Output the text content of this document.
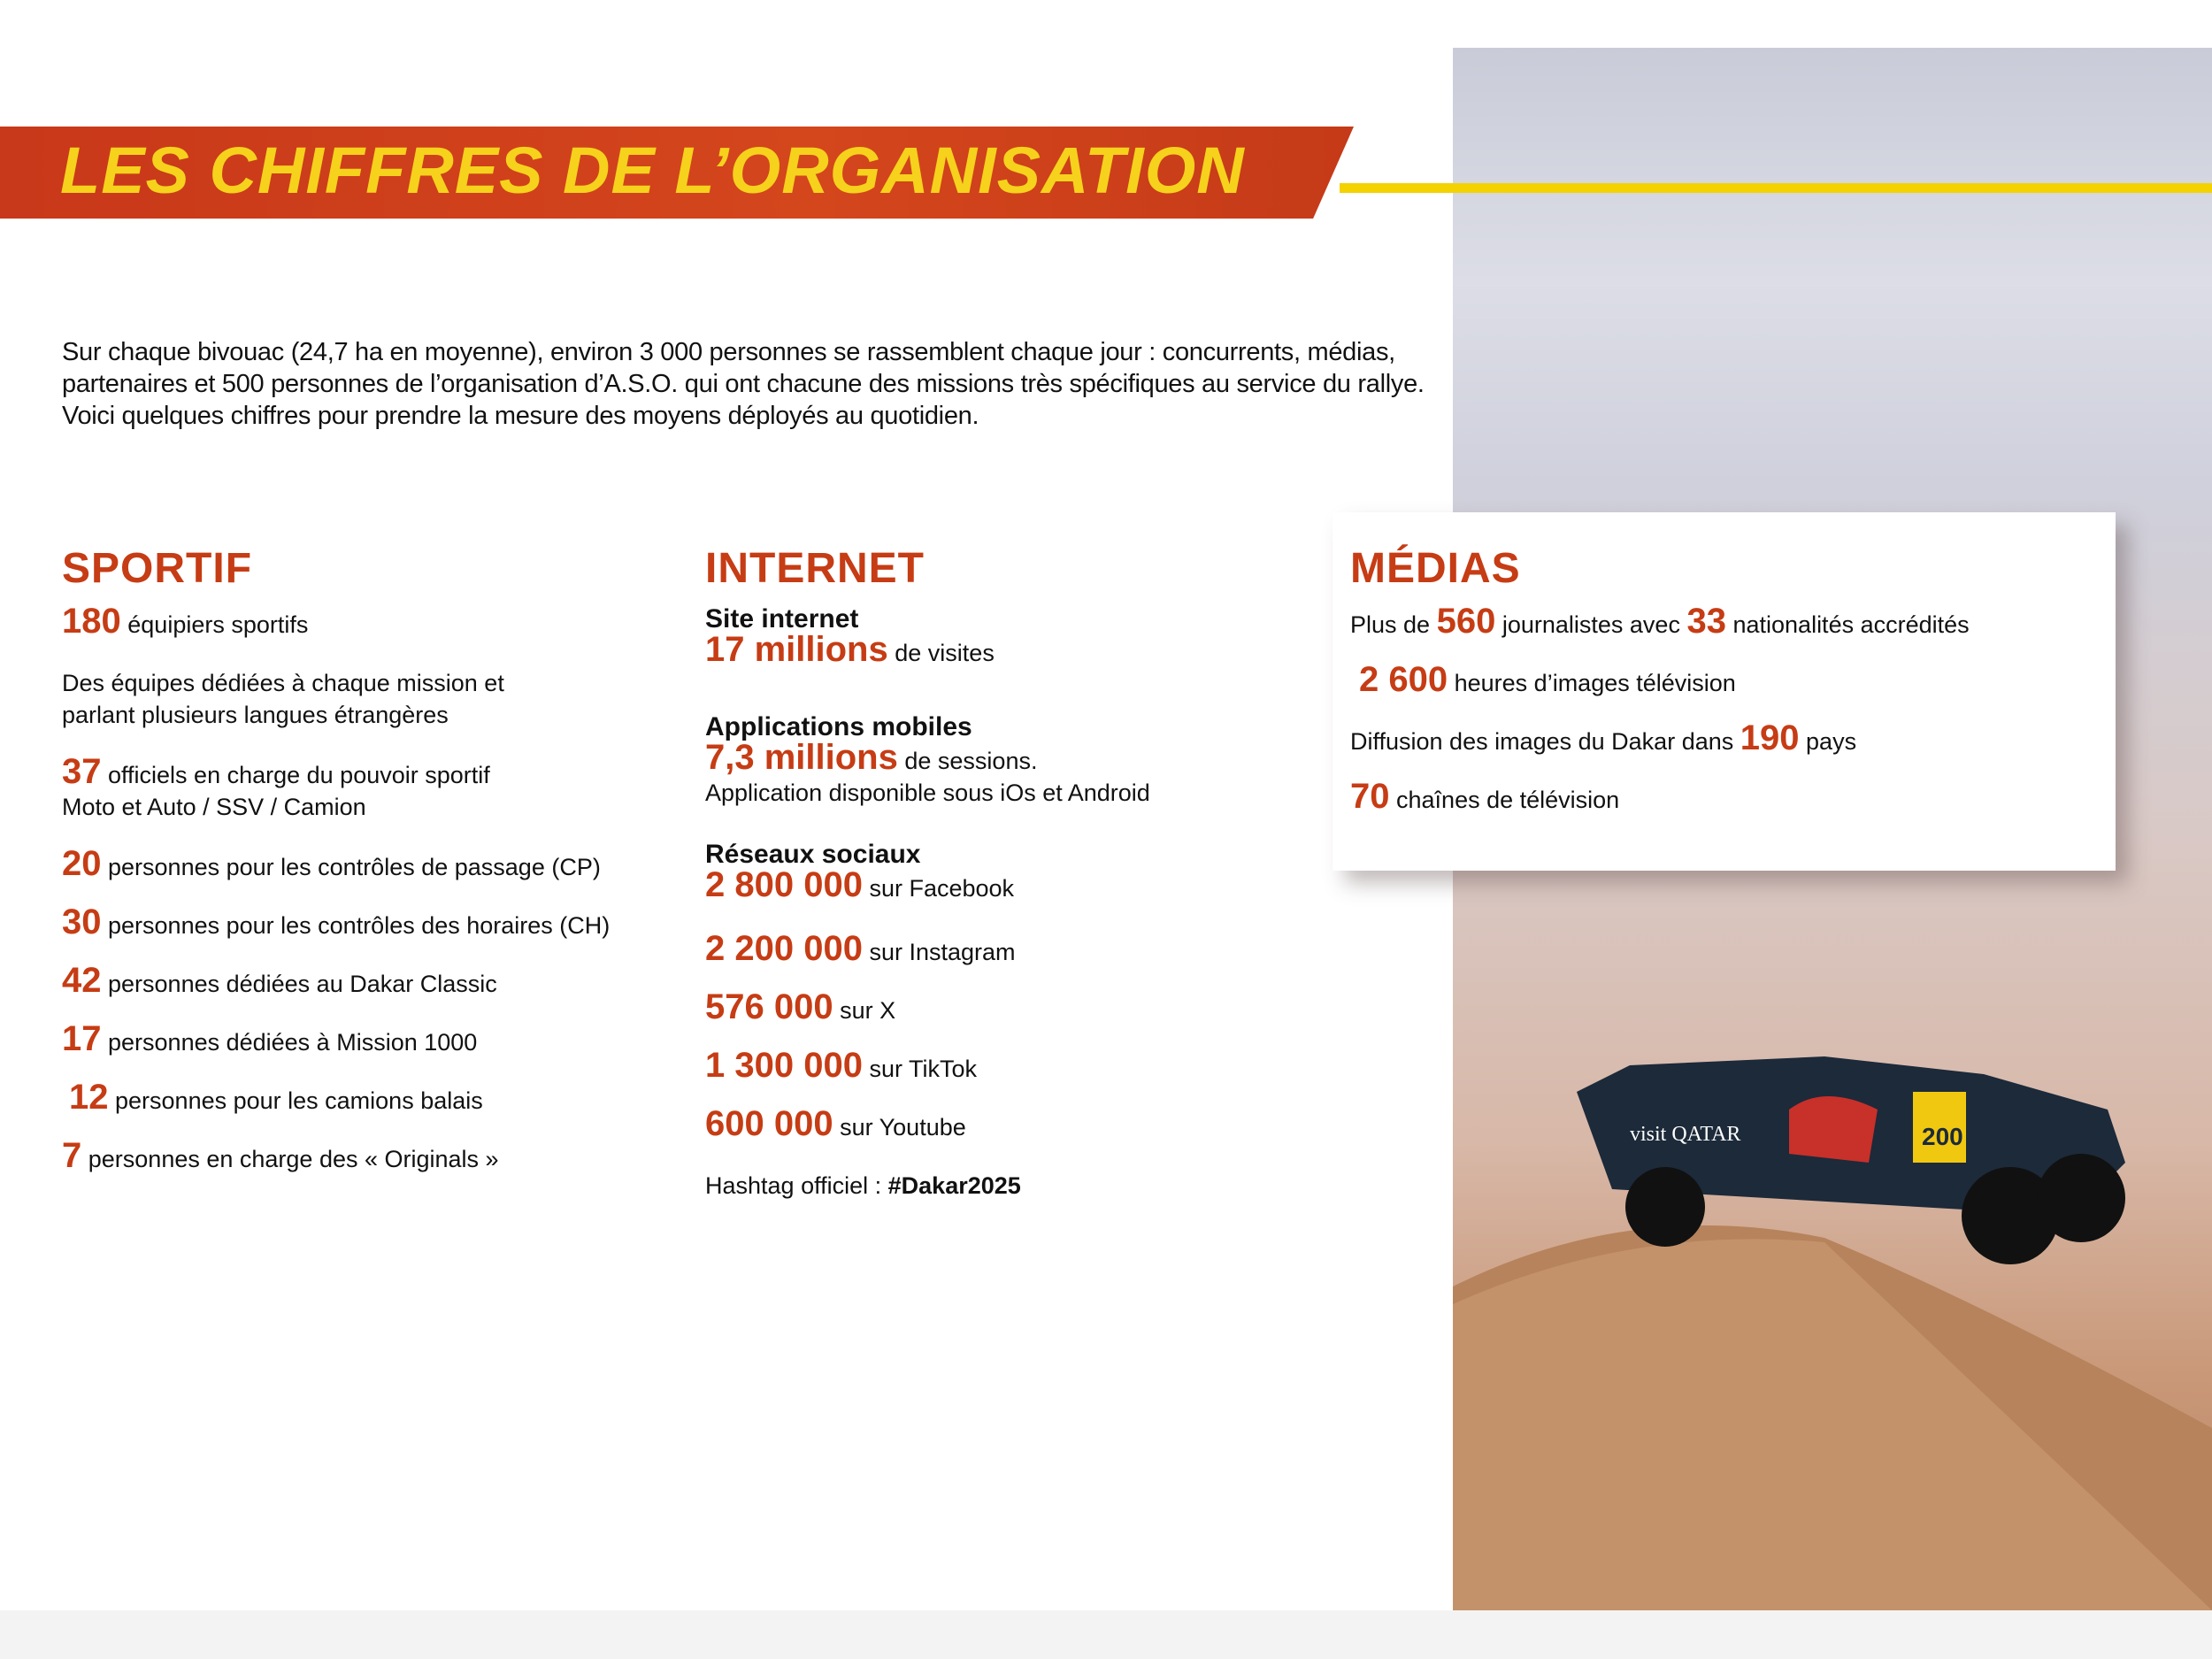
visit QATAR	200
LES CHIFFRES DE L’ORGANISATION

Sur chaque bivouac (24,7 ha en moyenne), environ 3 000 personnes se rassemblent chaque jour : concurrents, médias, partenaires et 500 personnes de l’organisation d’A.S.O. qui ont chacune des missions très spécifiques au service du rallye. Voici quelques chiffres pour prendre la mesure des moyens déployés au quotidien.

SPORTIF
180 équipiers sportifs
Des équipes dédiées à chaque mission et
parlant plusieurs langues étrangères
37 officiels en charge du pouvoir sportif
Moto et Auto / SSV / Camion
20 personnes pour les contrôles de passage (CP)
30 personnes pour les contrôles des horaires (CH)
42 personnes dédiées au Dakar Classic
17 personnes dédiées à Mission 1000
12 personnes pour les camions balais
7 personnes en charge des « Originals »
INTERNET
Site internet
17 millions de visites
Applications mobiles
7,3 millions de sessions.
Application disponible sous iOs et Android
Réseaux sociaux
2 800 000 sur Facebook
2 200 000 sur Instagram
576 000 sur X
1 300 000 sur TikTok
600 000 sur Youtube
Hashtag officiel : #Dakar2025
MÉDIAS
Plus de 560 journalistes avec 33 nationalités accrédités
2 600 heures d’images télévision
Diffusion des images du Dakar dans 190 pays
70 chaînes de télévision
